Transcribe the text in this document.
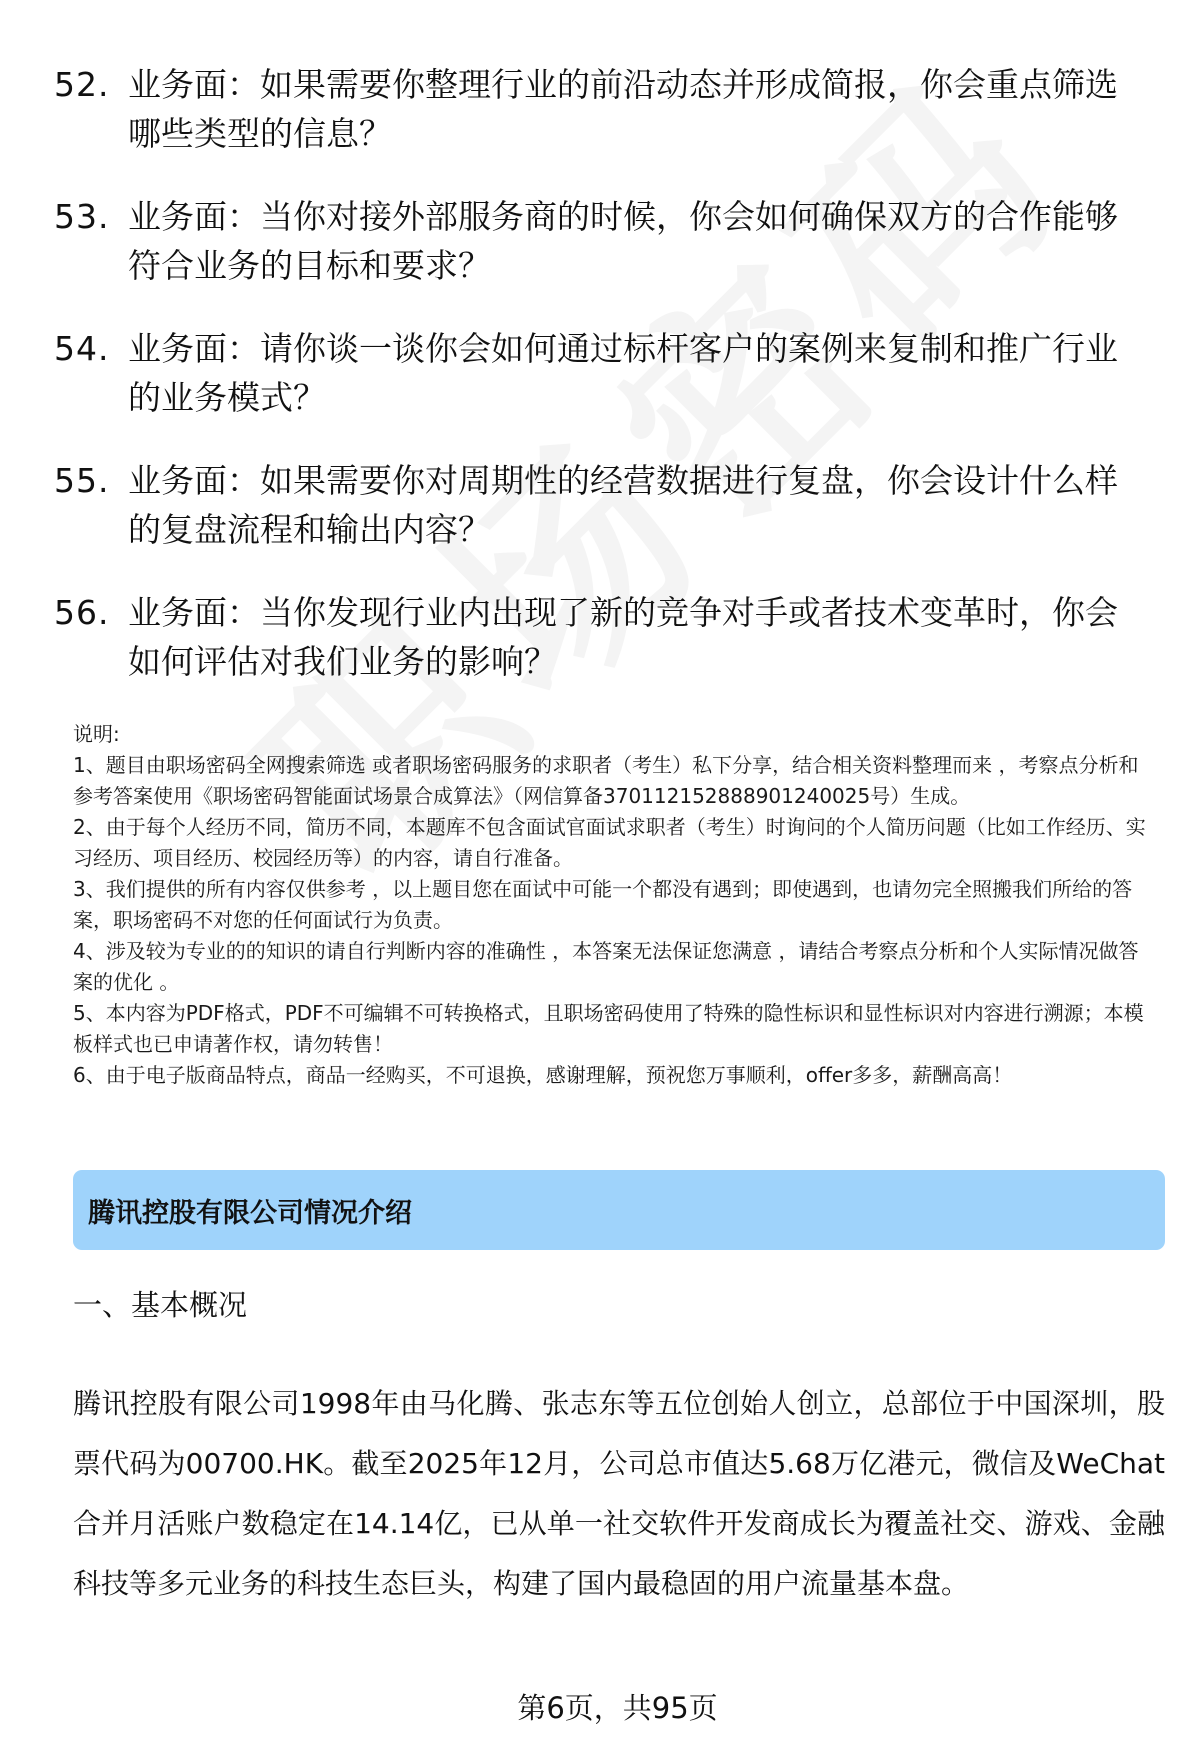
52. 业务面：如果需要你整理行业的前沿动态并形成简报，你会重点筛选哪些类型的信息？
53. 业务面：当你对接外部服务商的时候，你会如何确保双方的合作能够符合业务的目标和要求？
54. 业务面：请你谈一谈你会如何通过标杆客户的案例来复制和推广行业的业务模式？
55. 业务面：如果需要你对周期性的经营数据进行复盘，你会设计什么样的复盘流程和输出内容？
56. 业务面：当你发现行业内出现了新的竞争对手或者技术变革时，你会如何评估对我们业务的影响？

说明:

1、题目由职场密码全网搜索筛选 或者职场密码服务的求职者（考生）私下分享，结合相关资料整理而来 ，考察点分析和参考答案使用《职场密码智能面试场景合成算法》（网信算备370112152888901240025号）生成。

2、由于每个人经历不同，简历不同，本题库不包含面试官面试求职者（考生）时询问的个人简历问题（比如工作经历、实习经历、项目经历、校园经历等）的内容，请自行准备。

3、我们提供的所有内容仅供参考 ，以上题目您在面试中可能一个都没有遇到；即使遇到，也请勿完全照搬我们所给的答案，职场密码不对您的任何面试行为负责。

4、涉及较为专业的的知识的请自行判断内容的准确性 ，本答案无法保证您满意 ，请结合考察点分析和个人实际情况做答案的优化 。

5、本内容为PDF格式，PDF不可编辑不可转换格式，且职场密码使用了特殊的隐性标识和显性标识对内容进行溯源；本模板样式也已申请著作权，请勿转售！

6、由于电子版商品特点，商品一经购买，不可退换，感谢理解，预祝您万事顺利，offer多多，薪酬高高！

腾讯控股有限公司情况介绍
一、基本概况

腾讯控股有限公司1998年由马化腾、张志东等五位创始人创立，总部位于中国深圳，股票代码为00700.HK。截至2025年12月，公司总市值达5.68万亿港元，微信及WeChat合并月活账户数稳定在14.14亿，已从单一社交软件开发商成长为覆盖社交、游戏、金融科技等多元业务的科技生态巨头，构建了国内最稳固的用户流量基本盘。

第6页，共95页
